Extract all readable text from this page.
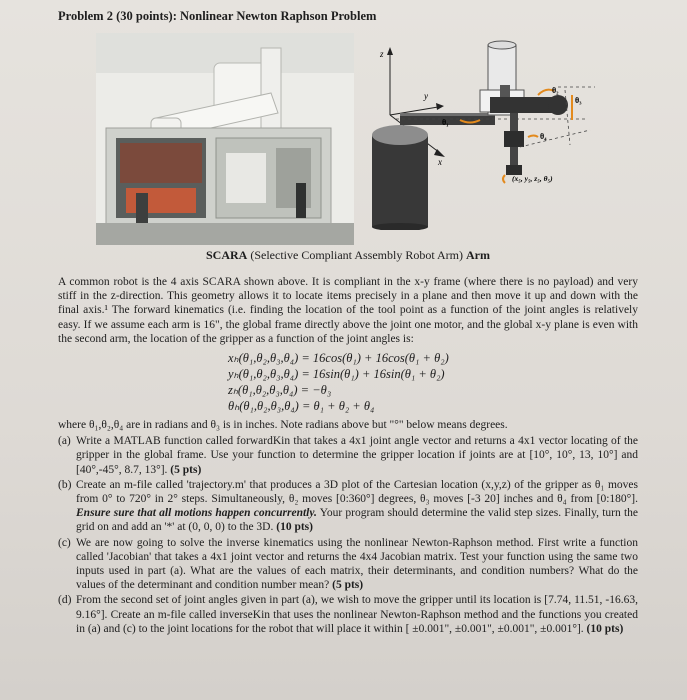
Problem 2 (30 points): Nonlinear Newton Raphson Problem
z
y
x
θ₁
θ₂
θ₃
θ₄
(x₅, y₅, z₅, θ₅)
SCARA (Selective Compliant Assembly Robot Arm) Arm

A common robot is the 4 axis SCARA shown above. It is compliant in the x-y frame (where there is no payload) and very stiff in the z-direction. This geometry allows it to locate items precisely in a plane and then move it up and down with the final axis.¹ The forward kinematics (i.e. finding the location of the tool point as a function of the joint angles is relatively easy. If we assume each arm is 16", the global frame directly above the joint one motor, and the global x-y plane is even with the second arm, the location of the gripper as a function of the joint angles is:

xₕ(θ₁,θ₂,θ₃,θ₄) = 16cos(θ₁) + 16cos(θ₁ + θ₂)
yₕ(θ₁,θ₂,θ₃,θ₄) = 16sin(θ₁) + 16sin(θ₁ + θ₂)
zₕ(θ₁,θ₂,θ₃,θ₄) = −θ₃
θₕ(θ₁,θ₂,θ₃,θ₄) = θ₁ + θ₂ + θ₄

where θ₁,θ₂,θ₄ are in radians and θ₃ is in inches. Note radians above but "°" below means degrees.

(a) Write a MATLAB function called forwardKin that takes a 4x1 joint angle vector and returns a 4x1 vector locating of the gripper in the global frame. Use your function to determine the gripper location if joints are at [10°, 10°, 13, 10°] and [40°,-45°, 8.7, 13°]. (5 pts)
(b) Create an m-file called 'trajectory.m' that produces a 3D plot of the Cartesian location (x,y,z) of the gripper as θ₁ moves from 0° to 720° in 2° steps. Simultaneously, θ₂ moves [0:360°] degrees, θ₃ moves [-3 20] inches and θ₄ from [0:180°]. Ensure sure that all motions happen concurrently. Your program should determine the valid step sizes. Finally, turn the grid on and add an '*' at (0, 0, 0) to the 3D. (10 pts)
(c) We are now going to solve the inverse kinematics using the nonlinear Newton-Raphson method. First write a function called 'Jacobian' that takes a 4x1 joint vector and returns the 4x4 Jacobian matrix. Test your function using the same two inputs used in part (a). What are the values of each matrix, their determinants, and condition numbers? What do the values of the determinant and condition number mean? (5 pts)
(d) From the second set of joint angles given in part (a), we wish to move the gripper until its location is [7.74, 11.51, -16.63, 9.16°]. Create an m-file called inverseKin that uses the nonlinear Newton-Raphson method and the functions you created in (a) and (c) to the joint locations for the robot that will place it within [ ±0.001", ±0.001", ±0.001", ±0.001°]. (10 pts)
